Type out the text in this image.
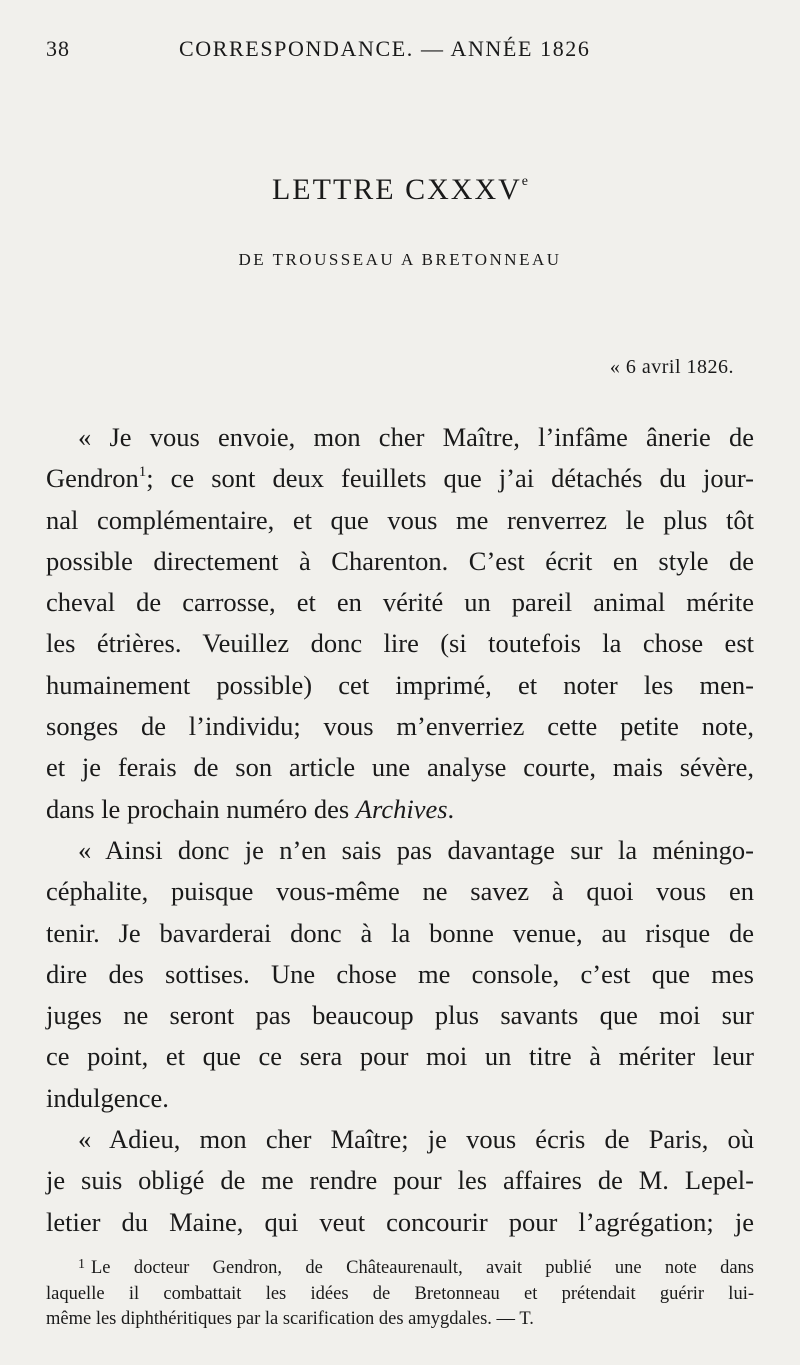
38	CORRESPONDANCE. — ANNÉE 1826
LETTRE CXXXVe
DE TROUSSEAU A BRETONNEAU
« 6 avril 1826.

« Je vous envoie, mon cher Maître, l’infâme ânerie de
Gendron$^1$; ce sont deux feuillets que j’ai détachés du jour-
nal complémentaire, et que vous me renverrez le plus tôt
possible directement à Charenton. C’est écrit en style de
cheval de carrosse, et en vérité un pareil animal mérite
les étrières. Veuillez donc lire (si toutefois la chose est
humainement possible) cet imprimé, et noter les men-
songes de l’individu; vous m’enverriez cette petite note,
et je ferais de son article une analyse courte, mais sévère,
dans le prochain numéro des Archives.

« Ainsi donc je n’en sais pas davantage sur la méningo-
céphalite, puisque vous-même ne savez à quoi vous en
tenir. Je bavarderai donc à la bonne venue, au risque de
dire des sottises. Une chose me console, c’est que mes
juges ne seront pas beaucoup plus savants que moi sur
ce point, et que ce sera pour moi un titre à mériter leur
indulgence.

« Adieu, mon cher Maître; je vous écris de Paris, où
je suis obligé de me rendre pour les affaires de M. Lepel-
letier du Maine, qui veut concourir pour l’agrégation; je

$^1$ Le docteur Gendron, de Châteaurenault, avait publié une note dans
laquelle il combattait les idées de Bretonneau et prétendait guérir lui-
même les diphthéritiques par la scarification des amygdales. — T.
